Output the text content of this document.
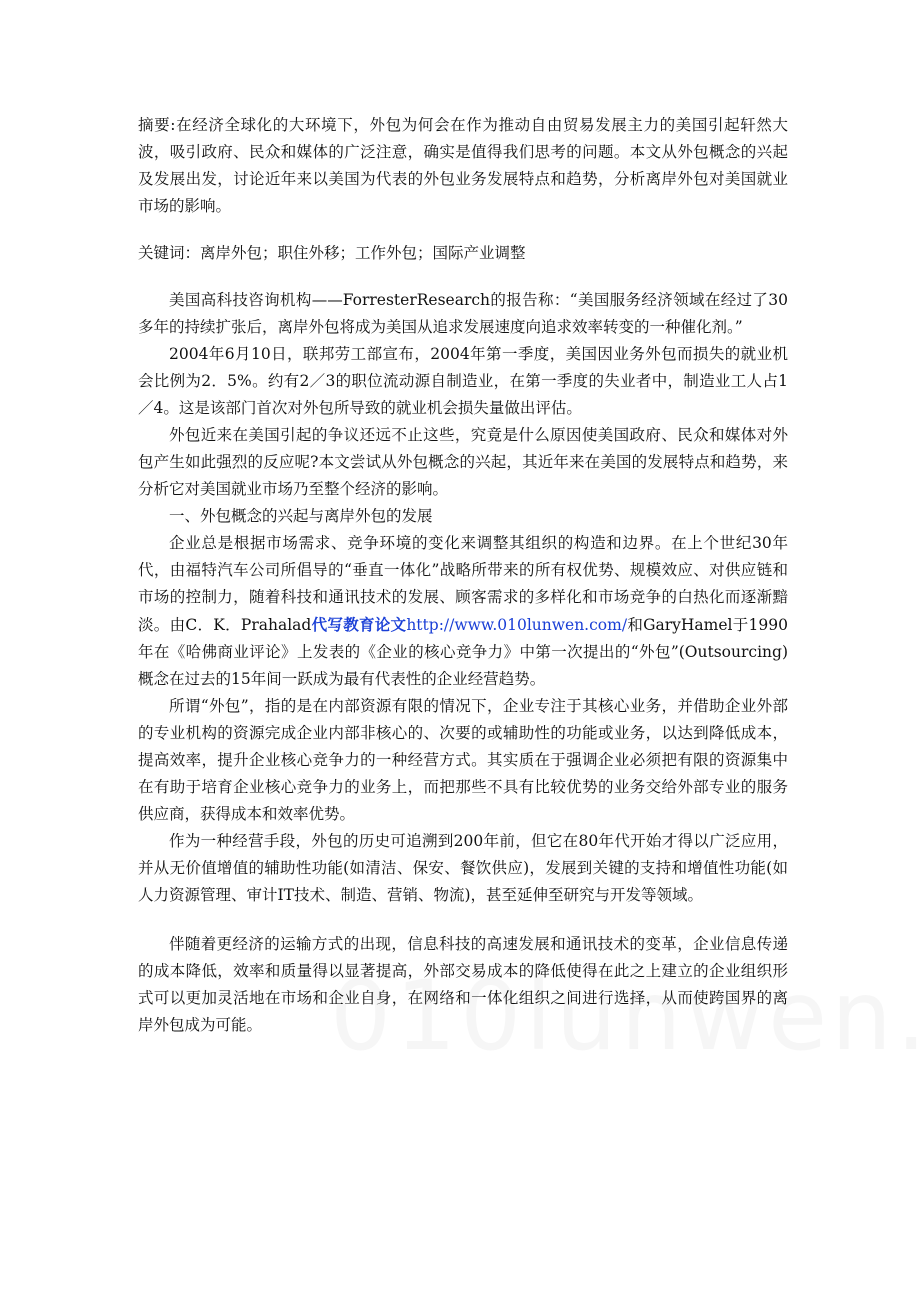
摘要:在经济全球化的大环境下，外包为何会在作为推动自由贸易发展主力的美国引起轩然大波，吸引政府、民众和媒体的广泛注意，确实是值得我们思考的问题。本文从外包概念的兴起及发展出发，讨论近年来以美国为代表的外包业务发展特点和趋势，分析离岸外包对美国就业市场的影响。

关键词：离岸外包；职住外移；工作外包；国际产业调整

美国高科技咨询机构——ForresterResearch的报告称：“美国服务经济领域在经过了30多年的持续扩张后，离岸外包将成为美国从追求发展速度向追求效率转变的一种催化剂。”

2004年6月10日，联邦劳工部宣布，2004年第一季度，美国因业务外包而损失的就业机会比例为2．5%。约有2／3的职位流动源自制造业，在第一季度的失业者中，制造业工人占1／4。这是该部门首次对外包所导致的就业机会损失量做出评估。

外包近来在美国引起的争议还远不止这些，究竟是什么原因使美国政府、民众和媒体对外包产生如此强烈的反应呢?本文尝试从外包概念的兴起，其近年来在美国的发展特点和趋势，来分析它对美国就业市场乃至整个经济的影响。

一、外包概念的兴起与离岸外包的发展

企业总是根据市场需求、竞争环境的变化来调整其组织的构造和边界。在上个世纪30年代，由福特汽车公司所倡导的“垂直一体化”战略所带来的所有权优势、规模效应、对供应链和市场的控制力，随着科技和通讯技术的发展、顾客需求的多样化和市场竞争的白热化而逐渐黯淡。由C．K．Prahalad代写教育论文http://www.010lunwen.com/和GaryHamel于1990年在《哈佛商业评论》上发表的《企业的核心竞争力》中第一次提出的“外包”(Outsourcing)概念在过去的15年间一跃成为最有代表性的企业经营趋势。

所谓“外包”，指的是在内部资源有限的情况下，企业专注于其核心业务，并借助企业外部的专业机构的资源完成企业内部非核心的、次要的或辅助性的功能或业务，以达到降低成本，提高效率，提升企业核心竞争力的一种经营方式。其实质在于强调企业必须把有限的资源集中在有助于培育企业核心竞争力的业务上，而把那些不具有比较优势的业务交给外部专业的服务供应商，获得成本和效率优势。

作为一种经营手段，外包的历史可追溯到200年前，但它在80年代开始才得以广泛应用，并从无价值增值的辅助性功能(如清洁、保安、餐饮供应)，发展到关键的支持和增值性功能(如人力资源管理、审计IT技术、制造、营销、物流)，甚至延伸至研究与开发等领域。

伴随着更经济的运输方式的出现，信息科技的高速发展和通讯技术的变革，企业信息传递的成本降低，效率和质量得以显著提高，外部交易成本的降低使得在此之上建立的企业组织形式可以更加灵活地在市场和企业自身，在网络和一体化组织之间进行选择，从而使跨国界的离岸外包成为可能。
